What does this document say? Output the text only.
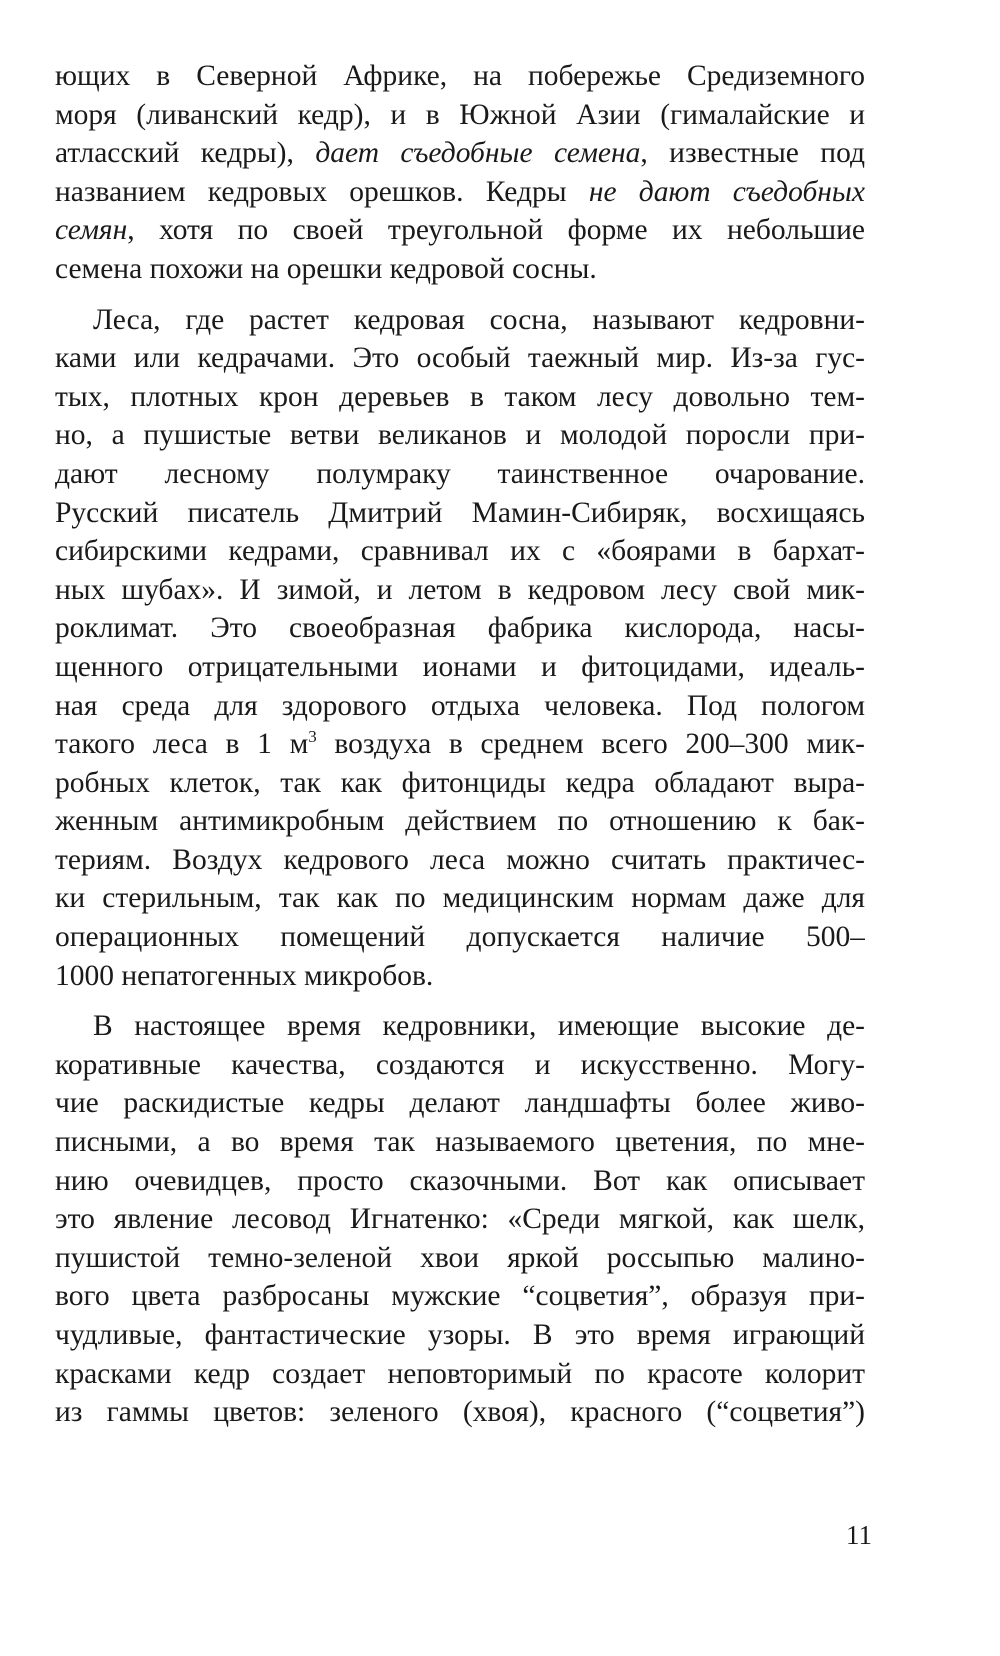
ющих в Северной Африке, на побережье Средиземного
моря (ливанский кедр), и в Южной Азии (гималайские и
атласский кедры), дает съедобные семена, известные под
названием кедровых орешков. Кедры не дают съедобных
семян, хотя по своей треугольной форме их небольшие
семена похожи на орешки кедровой сосны.
Леса, где растет кедровая сосна, называют кедровни-
ками или кедрачами. Это особый таежный мир. Из-за гус-
тых, плотных крон деревьев в таком лесу довольно тем-
но, а пушистые ветви великанов и молодой поросли при-
дают лесному полумраку таинственное очарование.
Русский писатель Дмитрий Мамин-Сибиряк, восхищаясь
сибирскими кедрами, сравнивал их с «боярами в бархат-
ных шубах». И зимой, и летом в кедровом лесу свой мик-
роклимат. Это своеобразная фабрика кислорода, насы-
щенного отрицательными ионами и фитоцидами, идеаль-
ная среда для здорового отдыха человека. Под пологом
такого леса в 1 $м^3$ воздуха в среднем всего 200–300 мик-
робных клеток, так как фитонциды кедра обладают выра-
женным антимикробным действием по отношению к бак-
териям. Воздух кедрового леса можно считать практичес-
ки стерильным, так как по медицинским нормам даже для
операционных помещений допускается наличие 500–
1000 непатогенных микробов.
В настоящее время кедровники, имеющие высокие де-
коративные качества, создаются и искусственно. Могу-
чие раскидистые кедры делают ландшафты более живо-
писными, а во время так называемого цветения, по мне-
нию очевидцев, просто сказочными. Вот как описывает
это явление лесовод Игнатенко: «Среди мягкой, как шелк,
пушистой темно-зеленой хвои яркой россыпью малино-
вого цвета разбросаны мужские “соцветия”, образуя при-
чудливые, фантастические узоры. В это время играющий
красками кедр создает неповторимый по красоте колорит
из гаммы цветов: зеленого (хвоя), красного (“соцветия”)
11
